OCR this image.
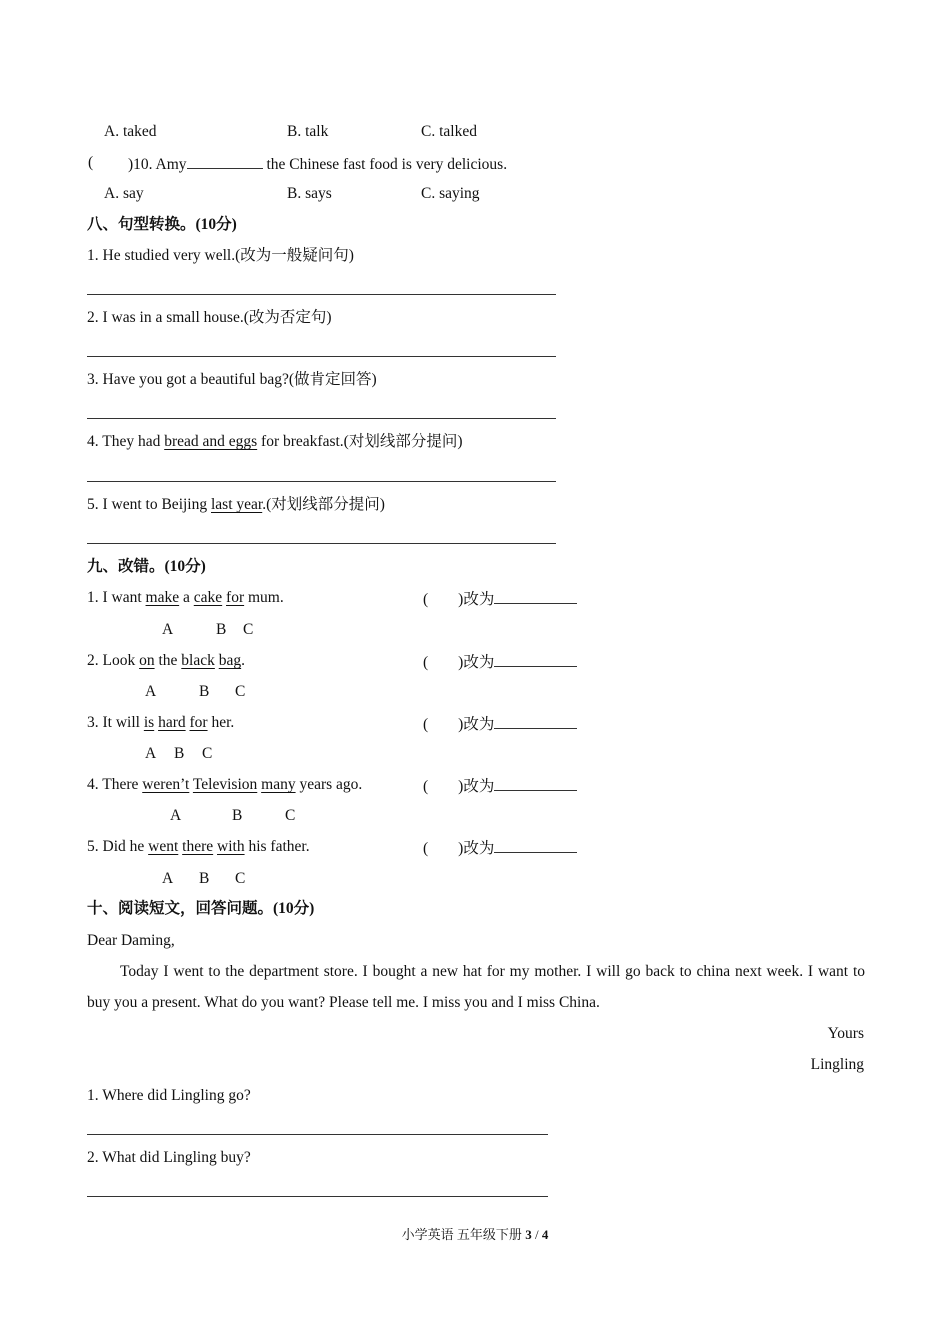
A. taked	B. talk	C. talked
( )10. Amy	the Chinese fast food is very delicious.
A. say	B. says	C. saying
八、句型转换。(10分)
1. He studied very well.(改为一般疑问句)
2. I was in a small house.(改为否定句)
3. Have you got a beautiful bag?(做肯定回答)
4. They had bread and eggs for breakfast.(对划线部分提问)
5. I went to Beijing last year.(对划线部分提问)
九、改错。(10分)
1. I want make a cake for mum.	( )改为
A	B C
2. Look on the black bag.	( )改为
A	B C
3. It will is hard for her.	( )改为
A B C
4. There weren’t Television many years ago.	( )改为
A	B	C
5. Did he went there with his father.	( )改为
A B C
十、阅读短文，回答问题。(10分)
Dear Daming,
Today I went to the department store. I bought a new hat for my mother. I will go back to china next week. I want to buy you a present. What do you want? Please tell me. I miss you and I miss China.
Yours
Lingling
1. Where did Lingling go?
2. What did Lingling buy?
小学英语 五年级下册 3 / 4
